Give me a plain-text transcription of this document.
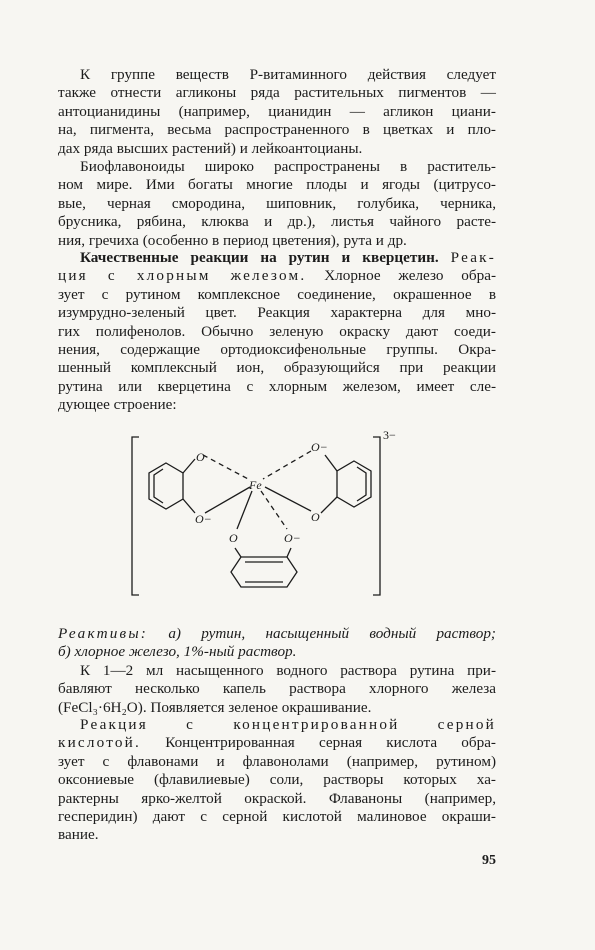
К группе веществ Р-витаминного действия следует
также отнести агликоны ряда растительных пигментов —
антоцианидины (например, цианидин — агликон циани-
на, пигмента, весьма распространенного в цветках и пло-
дах ряда высших растений) и лейкоантоцианы.
Биофлавоноиды широко распространены в раститель-
ном мире. Ими богаты многие плоды и ягоды (цитрусо-
вые, черная смородина, шиповник, голубика, черника,
брусника, рябина, клюква и др.), листья чайного расте-
ния, гречиха (особенно в период цветения), рута и др.
Качественные реакции на рутин и кверцетин. Реак-
ция с хлорным железом. Хлорное железо обра-
зует с рутином комплексное соединение, окрашенное в
изумрудно-зеленый цвет. Реакция характерна для мно-
гих полифенолов. Обычно зеленую окраску дают соеди-
нения, содержащие ортодиоксифенольные группы. Окра-
шенный комплексный ион, образующийся при реакции
рутина или кверцетина с хлорным железом, имеет сле-
дующее строение:
3−
O
O−
O−
O
Fe
O	O−
Реактивы: а) рутин, насыщенный водный раствор;
б) хлорное железо, 1%-ный раствор.
К 1—2 мл насыщенного водного раствора рутина при-
бавляют несколько капель раствора хлорного железа
(FeCl₃·6H₂O). Появляется зеленое окрашивание.
Реакция с концентрированной серной
кислотой. Концентрированная серная кислота обра-
зует с флавонами и флавонолами (например, рутином)
оксониевые (флавилиевые) соли, растворы которых ха-
рактерны ярко-желтой окраской. Флаваноны (например,
гесперидин) дают с серной кислотой малиновое окраши-
вание.
95
